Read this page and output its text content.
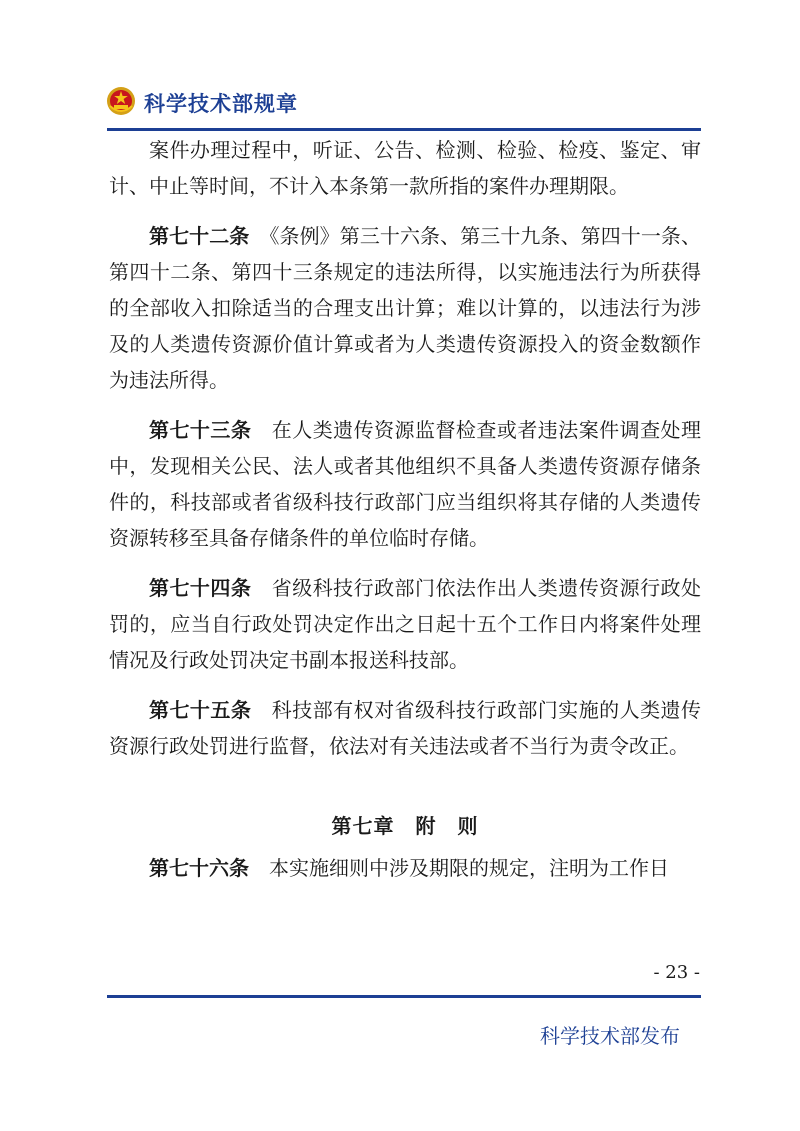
科学技术部规章

案件办理过程中，听证、公告、检测、检验、检疫、鉴定、审计、中止等时间，不计入本条第一款所指的案件办理期限。

第七十二条　 《条例》第三十六条、第三十九条、第四十一条、第四十二条、第四十三条规定的违法所得，以实施违法行为所获得的全部收入扣除适当的合理支出计算；难以计算的，以违法行为涉及的人类遗传资源价值计算或者为人类遗传资源投入的资金数额作为违法所得。

第七十三条　 在人类遗传资源监督检查或者违法案件调查处理中，发现相关公民、法人或者其他组织不具备人类遗传资源存储条件的，科技部或者省级科技行政部门应当组织将其存储的人类遗传资源转移至具备存储条件的单位临时存储。

第七十四条　 省级科技行政部门依法作出人类遗传资源行政处罚的，应当自行政处罚决定作出之日起十五个工作日内将案件处理情况及行政处罚决定书副本报送科技部。

第七十五条　 科技部有权对省级科技行政部门实施的人类遗传资源行政处罚进行监督，依法对有关违法或者不当行为责令改正。

第七章　附　则

第七十六条　 本实施细则中涉及期限的规定，注明为工作日

- 23 -
科学技术部发布
